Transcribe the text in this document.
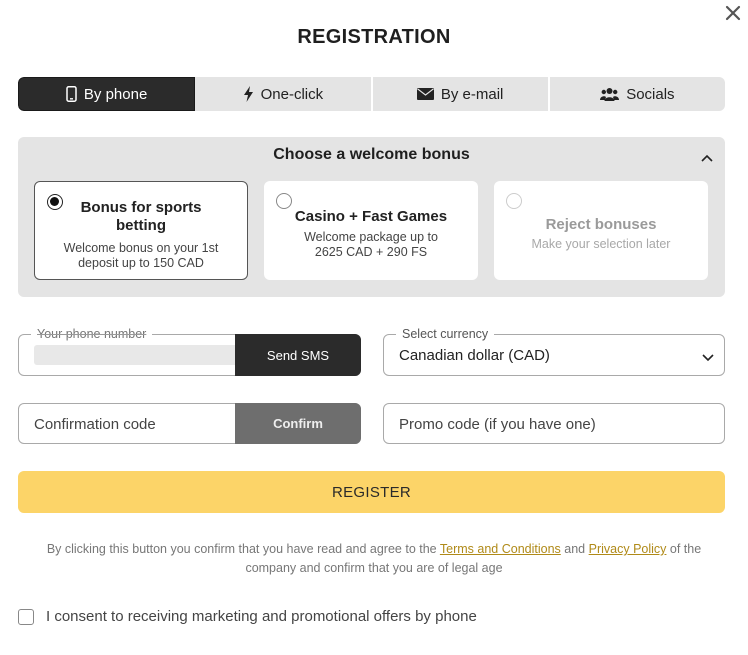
REGISTRATION
By phone	One-click	By e-mail	Socials
Choose a welcome bonus
Bonus for sports betting
Welcome bonus on your 1st deposit up to 150 CAD
Casino + Fast Games
Welcome package up to 2625 CAD + 290 FS
Reject bonuses
Make your selection later
Your phone number
Send SMS
Select currency
Canadian dollar (CAD)
Confirmation code	Confirm	Promo code (if you have one)
REGISTER
By clicking this button you confirm that you have read and agree to the Terms and Conditions and Privacy Policy of the company and confirm that you are of legal age
I consent to receiving marketing and promotional offers by phone
